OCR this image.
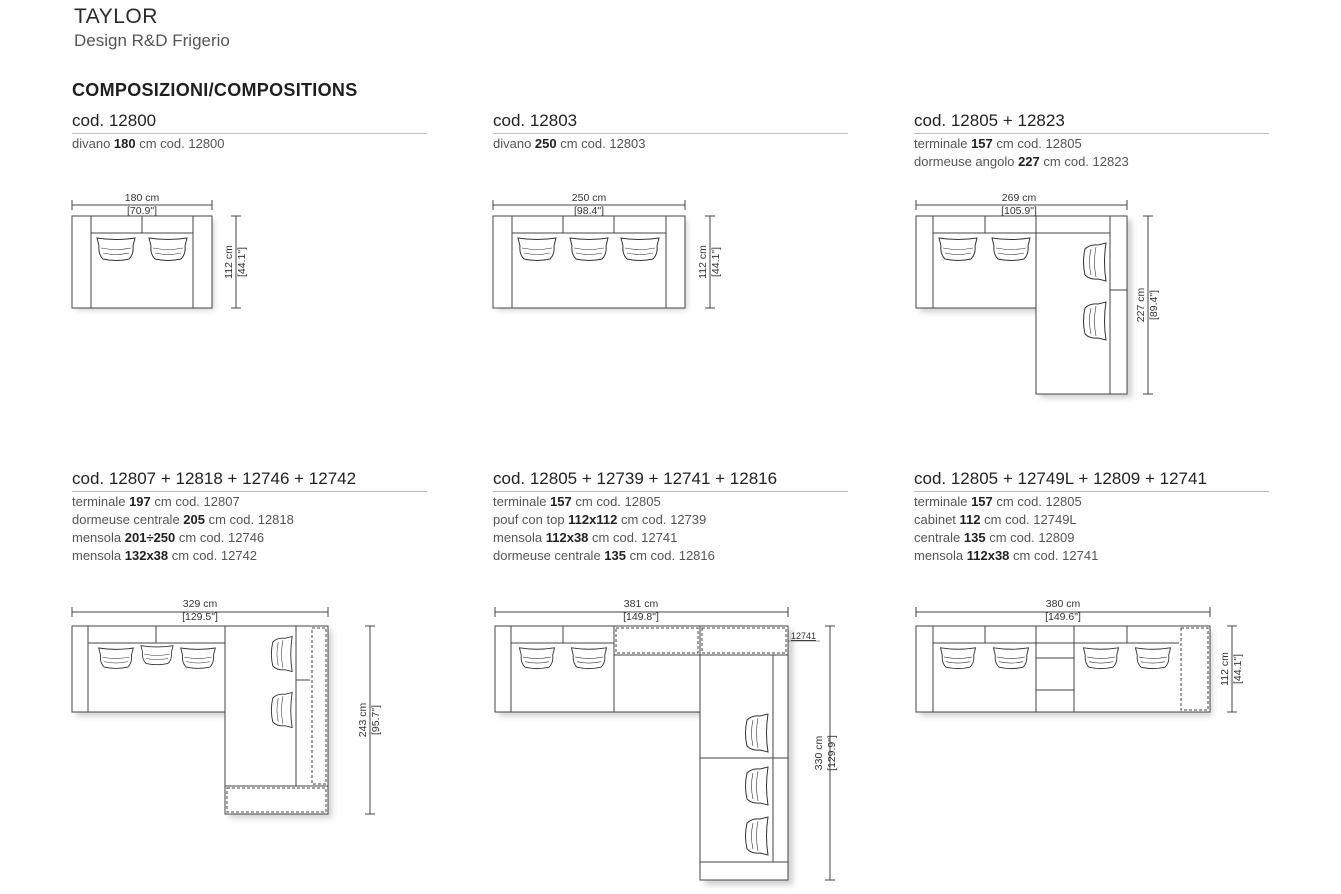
TAYLOR
Design R&D Frigerio
COMPOSIZIONI/COMPOSITIONS
cod. 12800
divano 180 cm cod. 12800
cod. 12803
divano 250 cm cod. 12803
cod. 12805 + 12823
terminale 157 cm cod. 12805
dormeuse angolo 227 cm cod. 12823
cod. 12807 + 12818 + 12746 + 12742
terminale 197 cm cod. 12807
dormeuse centrale 205 cm cod. 12818
mensola 201÷250 cm cod. 12746
mensola 132x38 cm cod. 12742
cod. 12805 + 12739 + 12741 + 12816
terminale 157 cm cod. 12805
pouf con top 112x112 cm cod. 12739
mensola 112x38 cm cod. 12741
dormeuse centrale 135 cm cod. 12816
cod. 12805 + 12749L + 12809 + 12741
terminale 157 cm cod. 12805
cabinet 112 cm cod. 12749L
centrale 135 cm cod. 12809
mensola 112x38 cm cod. 12741
180 cm
[70.9"]
112 cm [44.1"]
250 cm
[98.4"]
112 cm [44.1"]
269 cm
[105.9"]
227 cm [89.4"]
329 cm
[129.5"]
243 cm [95.7"]
381 cm
[149.8"]
330 cm [129.9"]
12741
380 cm
[149.6"]
112 cm [44.1"]
